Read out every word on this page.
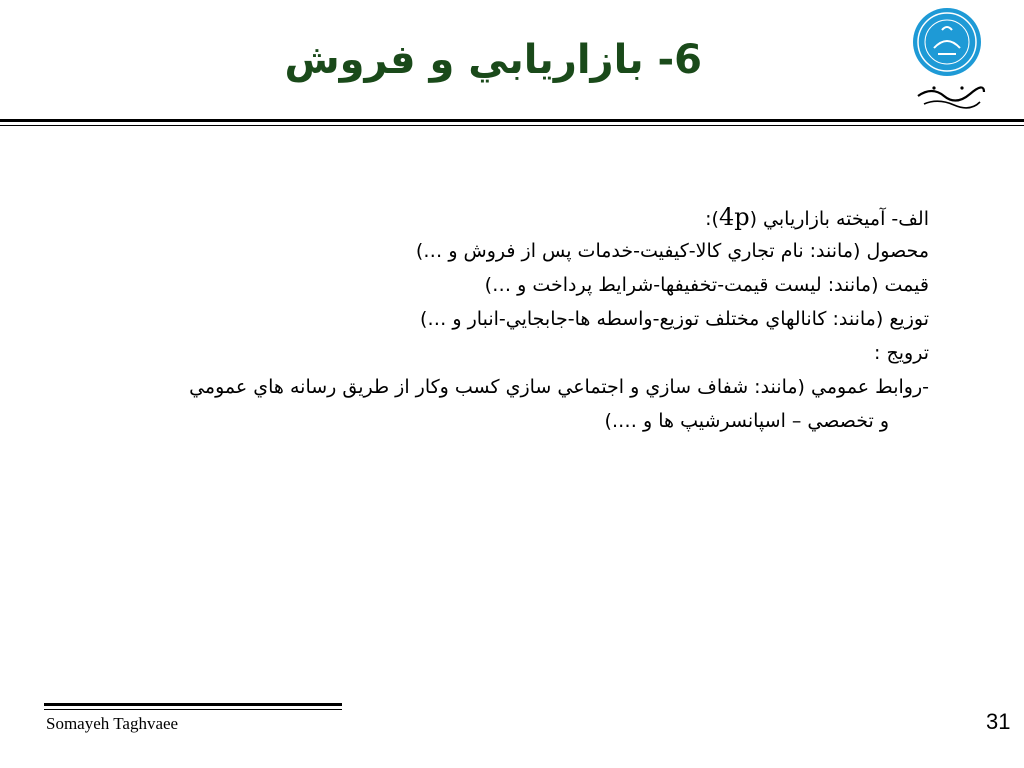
6- بازاريابي و فروش
الف- آميخته بازاريابي (4p):
محصول (مانند: نام تجاري كالا-كيفيت-خدمات پس از فروش و …)
قيمت (مانند: ليست قيمت-تخفيفها-شرايط پرداخت و …)
توزيع (مانند: كانالهاي مختلف توزيع-واسطه ها-جابجايي-انبار و …)
ترويج :
-روابط عمومي (مانند: شفاف سازي و اجتماعي سازي كسب وكار از طريق رسانه هاي عمومي
و تخصصي – اسپانسرشيپ ها و ….)
Somayeh Taghvaee	31
